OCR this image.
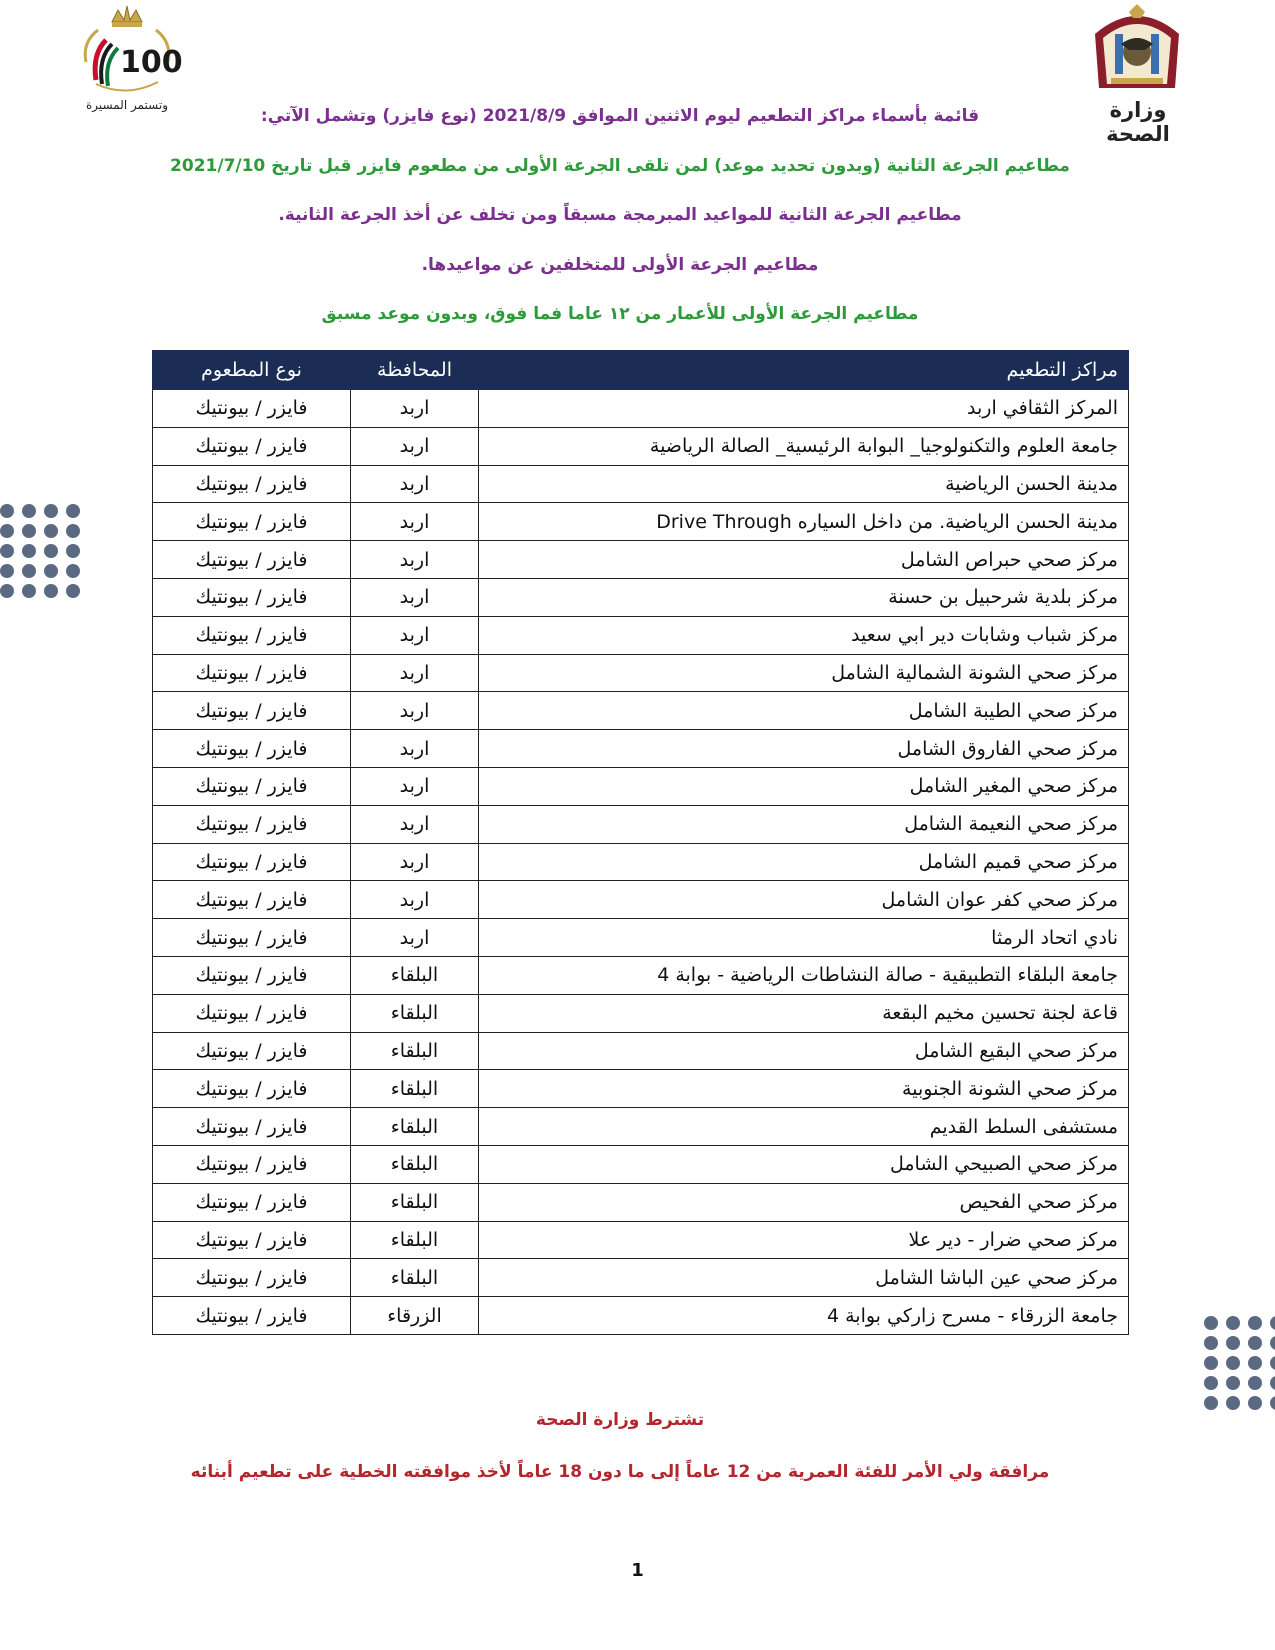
100
وتستمر المسيرة	وزارة الصحة
قائمة بأسماء مراكز التطعيم ليوم الاثنين الموافق 2021/8/9 (نوع فايزر) وتشمل الآتي:
مطاعيم الجرعة الثانية (وبدون تحديد موعد) لمن تلقى الجرعة الأولى من مطعوم فايزر قبل تاريخ 2021/7/10
مطاعيم الجرعة الثانية للمواعيد المبرمجة مسبقاً ومن تخلف عن أخذ الجرعة الثانية.
مطاعيم الجرعة الأولى للمتخلفين عن مواعيدها.
مطاعيم الجرعة الأولى للأعمار من ١٢ عاما فما فوق، وبدون موعد مسبق
مراكز التطعيم	المحافظة	نوع المطعوم
المركز الثقافي اربد	اربد	فايزر / بيونتيك
جامعة العلوم والتكنولوجيا_ البوابة الرئيسية_ الصالة الرياضية	اربد	فايزر / بيونتيك
مدينة الحسن الرياضية	اربد	فايزر / بيونتيك
مدينة الحسن الرياضية. من داخل السياره Drive Through	اربد	فايزر / بيونتيك
مركز صحي حبراص الشامل	اربد	فايزر / بيونتيك
مركز بلدية شرحبيل بن حسنة	اربد	فايزر / بيونتيك
مركز شباب وشابات دير ابي سعيد	اربد	فايزر / بيونتيك
مركز صحي الشونة الشمالية الشامل	اربد	فايزر / بيونتيك
مركز صحي الطيبة الشامل	اربد	فايزر / بيونتيك
مركز صحي الفاروق الشامل	اربد	فايزر / بيونتيك
مركز صحي المغير الشامل	اربد	فايزر / بيونتيك
مركز صحي النعيمة الشامل	اربد	فايزر / بيونتيك
مركز صحي قميم الشامل	اربد	فايزر / بيونتيك
مركز صحي كفر عوان الشامل	اربد	فايزر / بيونتيك
نادي اتحاد الرمثا	اربد	فايزر / بيونتيك
جامعة البلقاء التطبيقية - صالة النشاطات الرياضية - بوابة 4	البلقاء	فايزر / بيونتيك
قاعة لجنة تحسين مخيم البقعة	البلقاء	فايزر / بيونتيك
مركز صحي البقيع الشامل	البلقاء	فايزر / بيونتيك
مركز صحي الشونة الجنوبية	البلقاء	فايزر / بيونتيك
مستشفى السلط القديم	البلقاء	فايزر / بيونتيك
مركز صحي الصبيحي الشامل	البلقاء	فايزر / بيونتيك
مركز صحي الفحيص	البلقاء	فايزر / بيونتيك
مركز صحي ضرار - دير علا	البلقاء	فايزر / بيونتيك
مركز صحي عين الباشا الشامل	البلقاء	فايزر / بيونتيك
جامعة الزرقاء - مسرح زاركي بوابة 4	الزرقاء	فايزر / بيونتيك
تشترط وزارة الصحة
مرافقة ولي الأمر للفئة العمرية من 12 عاماً إلى ما دون 18 عاماً لأخذ موافقته الخطية على تطعيم أبنائه
1
